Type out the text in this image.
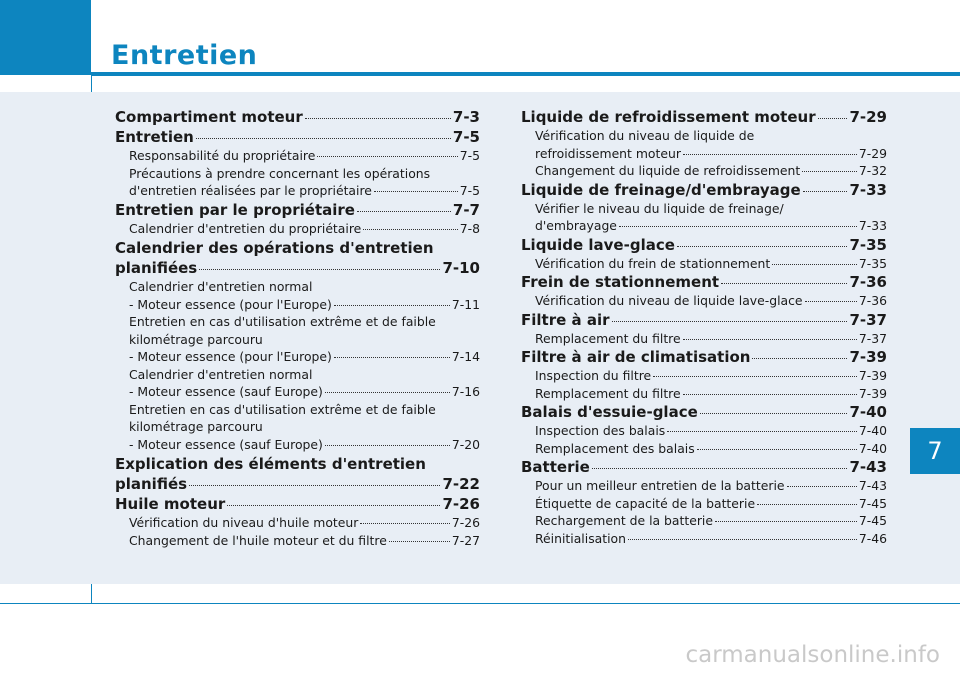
Entretien
7
Compartiment moteur	7-3
Entretien	7-5
Responsabilité du propriétaire	7-5
Précautions à prendre concernant les opérations
d'entretien réalisées par le propriétaire	7-5
Entretien par le propriétaire	7-7
Calendrier d'entretien du propriétaire	7-8
Calendrier des opérations d'entretien
planifiées	7-10
Calendrier d'entretien normal
- Moteur essence (pour l'Europe)	7-11
Entretien en cas d'utilisation extrême et de faible
kilométrage parcouru
- Moteur essence (pour l'Europe)	7-14
Calendrier d'entretien normal
- Moteur essence (sauf Europe)	7-16
Entretien en cas d'utilisation extrême et de faible
kilométrage parcouru
- Moteur essence (sauf Europe)	7-20
Explication des éléments d'entretien
planifiés	7-22
Huile moteur	7-26
Vérification du niveau d'huile moteur	7-26
Changement de l'huile moteur et du filtre	7-27
Liquide de refroidissement moteur 7-29
Vérification du niveau de liquide de
refroidissement moteur	7-29
Changement du liquide de refroidissement	7-32
Liquide de freinage/d'embrayage	7-33
Vérifier le niveau du liquide de freinage/
d'embrayage	7-33
Liquide lave-glace	7-35
Vérification du frein de stationnement	7-35
Frein de stationnement	7-36
Vérification du niveau de liquide lave-glace	7-36
Filtre à air	7-37
Remplacement du filtre	7-37
Filtre à air de climatisation	7-39
Inspection du filtre	7-39
Remplacement du filtre	7-39
Balais d'essuie-glace	7-40
Inspection des balais	7-40
Remplacement des balais	7-40
Batterie	7-43
Pour un meilleur entretien de la batterie	7-43
Étiquette de capacité de la batterie	7-45
Rechargement de la batterie	7-45
Réinitialisation	7-46
carmanualsonline.info
